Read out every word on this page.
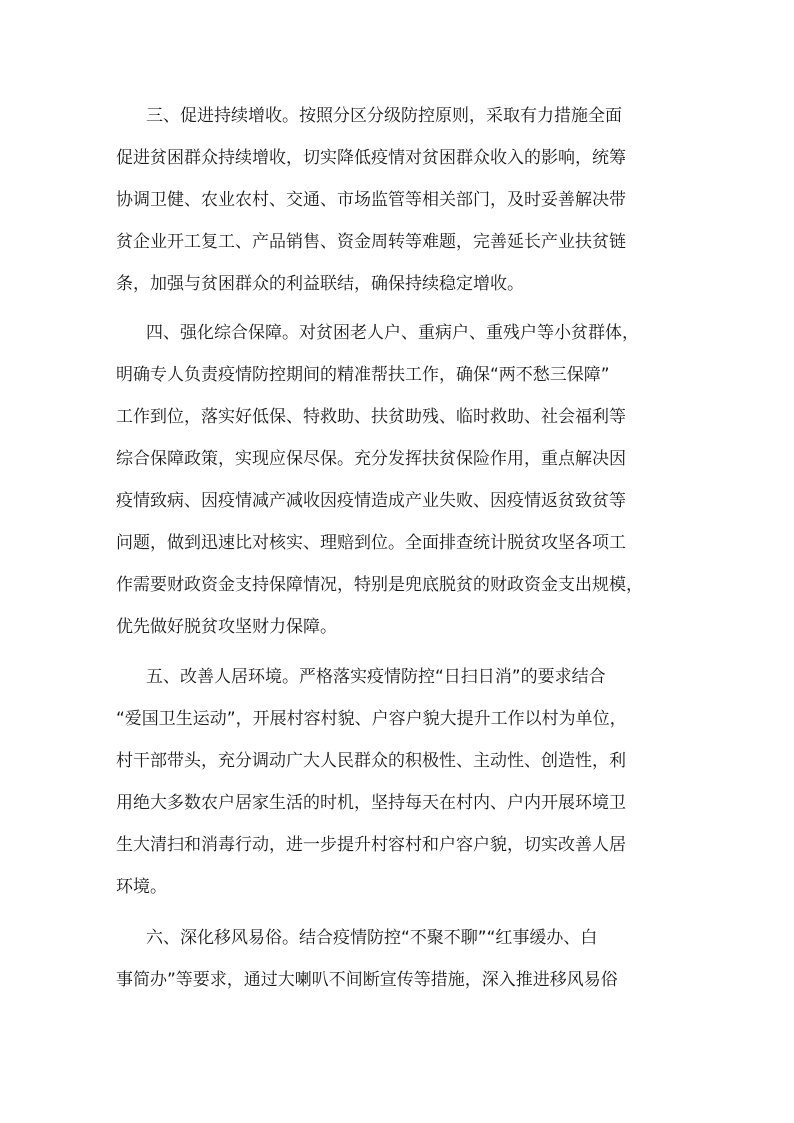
三、促进持续增收。按照分区分级防控原则，采取有力措施全面
促进贫困群众持续增收，切实降低疫情对贫困群众收入的影响，统筹
协调卫健、农业农村、交通、市场监管等相关部门，及时妥善解决带
贫企业开工复工、产品销售、资金周转等难题，完善延长产业扶贫链
条，加强与贫困群众的利益联结，确保持续稳定增收。
四、强化综合保障。对贫困老人户、重病户、重残户等小贫群体，
明确专人负责疫情防控期间的精准帮扶工作，确保“两不愁三保障”
工作到位，落实好低保、特救助、扶贫助残、临时救助、社会福利等
综合保障政策，实现应保尽保。充分发挥扶贫保险作用，重点解决因
疫情致病、因疫情减产减收因疫情造成产业失败、因疫情返贫致贫等
问题，做到迅速比对核实、理赔到位。全面排查统计脱贫攻坚各项工
作需要财政资金支持保障情况，特别是兜底脱贫的财政资金支出规模，
优先做好脱贫攻坚财力保障。
五、改善人居环境。严格落实疫情防控“日扫日消”的要求结合
“爱国卫生运动”，开展村容村貌、户容户貌大提升工作以村为单位，
村干部带头，充分调动广大人民群众的积极性、主动性、创造性，利
用绝大多数农户居家生活的时机，坚持每天在村内、户内开展环境卫
生大清扫和消毒行动，进一步提升村容村和户容户貌，切实改善人居
环境。
六、深化移风易俗。结合疫情防控“不聚不聊”“红事缓办、白
事简办”等要求，通过大喇叭不间断宣传等措施，深入推进移风易俗
